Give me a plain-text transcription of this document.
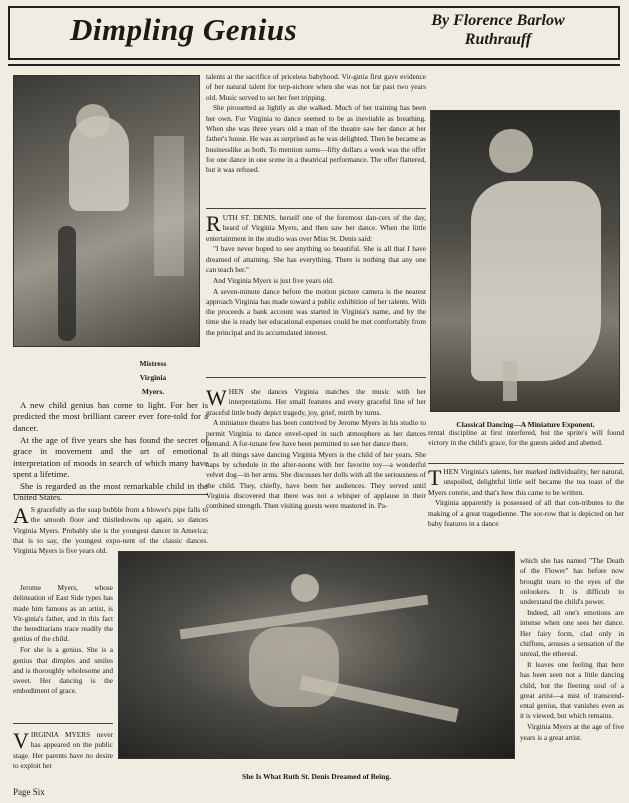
Dimpling Genius	By Florence Barlow
Ruthrauff
Mistress
Virginia
Myers.
Classical Dancing—A Miniature Exponent.
She Is What Ruth St. Denis Dreamed of Being.

A new child genius has come to light. For her is predicted the most brilliant career ever fore-told for a dancer.

At the age of five years she has found the secret of grace in movement and the art of emotional interpretation of moods in search of which many have spent a lifetime.

She is regarded as the most remarkable child in the United States.

A S gracefully as the soap bubble from a blower's pipe falls to the smooth floor and thistledowns up again, so dances Virginia Myers. Probably she is the youngest dancer in America; that is to say, the youngest expo-nent of the classic dances. Virginia Myers is five years old.

Jerome Myers, whose delineation of East Side types has made him famous as an artist, is Vir-ginia's father, and in this fact the hereditarians trace readily the genius of the child.

For she is a genius. She is a genius that dimples and smiles and is thoroughly wholesome and sweet. Her dancing is the embodiment of grace.

V IRGINIA MYERS never has appeared on the public stage. Her parents have no desire to exploit her

talents at the sacrifice of priceless babyhood. Vir-ginia first gave evidence of her natural talent for terp-sichore when she was not far past two years old. Music served to set her feet tripping.

She pirouetted as lightly as she walked. Much of her training has been her own. For Virginia to dance seemed to be as inevitable as breathing. When she was three years old a man of the theatre saw her dance at her father's house. He was as surprised as he was delighted. Then he became as businesslike as both. To mention sums—fifty dollars a week was the offer for one dance in one scene in a theatrical performance. The offer flattered, but it was refused.

R UTH ST. DENIS, herself one of the foremost dan-cers of the day, heard of Virginia Myers, and then saw her dance. When the little entertainment in the studio was over Miss St. Denis said:

"I have never hoped to see anything so beautiful. She is all that I have dreamed of attaining. She has everything. There is nothing that any one can teach her."

And Virginia Myers is just five years old.

A seven-minute dance before the motion picture camera is the nearest approach Virginia has made toward a public exhibition of her talents. With the proceeds a bank account was started in Virginia's name, and by the time she is ready her educational expenses could be met comfortably from the principal and its accumulated interest.

W HEN she dances Virginia matches the music with her interpretations. Her small features and every graceful line of her graceful little body depict tragedy, joy, grief, mirth by turns.

A miniature theatre has been contrived by Jerome Myers in his studio to permit Virginia to dance envel-oped in such atmosphere as her dances demand. A for-tunate few have been permitted to see her dance there.

In all things save dancing Virginia Myers is the child of her years. She naps by schedule in the after-noons with her favorite toy—a wonderful velvet dog—in her arms. She discusses her dolls with all the seriousness of the child. They, chiefly, have been her audiences. They served until Virginia discovered that there was not a whisper of applause in their combined strength. Then visiting guests were mastered in. Pa-

rental discipline at first interfered, but the sprite's will found victory in the child's grace, for the guests aided and abetted.

T HEN Virginia's talents, her marked individuality, her natural, unspoiled, delightful little self became the tea toast of the Myers coterie, and that's how this came to be written.

Virginia apparently is possessed of all that con-tributes to the making of a great tragedienne. The sor-row that is depicted on her baby features in a dance

which she has named "The Death of the Flower" has before now brought tears to the eyes of the onlookers. It is difficult to understand the child's power.

Indeed, all one's emotions are intense when one sees her dance. Her fairy form, clad only in chiffons, arouses a sensation of the unreal, the ethereal.

It leaves one feeling that here has been seen not a little dancing child, but the fleeting soul of a great artist—a mist of transcend-ental genius, that vanishes even as it is viewed, but which remains.

Virginia Myers at the age of five years is a great artist.

Page Six
